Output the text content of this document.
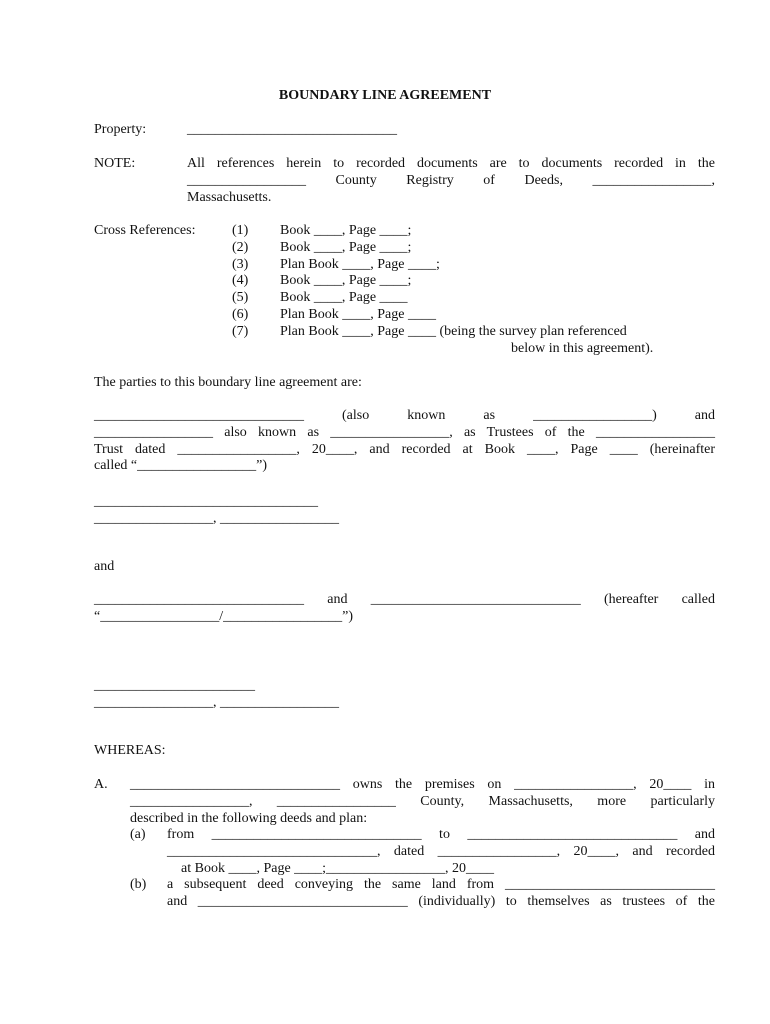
BOUNDARY LINE AGREEMENT
Property:	______________________________
NOTE:	All references herein to recorded documents are to documents recorded in the
_________________ County Registry of Deeds, _________________,
Massachusetts.
Cross References:	(1) Book ____, Page ____;
(2) Book ____, Page ____;
(3) Plan Book ____, Page ____;
(4) Book ____, Page ____;
(5) Book ____, Page ____
(6) Plan Book ____, Page ____
(7) Plan Book ____, Page ____ (being the survey plan referenced
below in this agreement).
The parties to this boundary line agreement are:
______________________________ (also known as _________________) and
_________________ also known as _________________, as Trustees of the _________________
Trust dated _________________, 20____, and recorded at Book ____, Page ____ (hereinafter
called “_________________”)
________________________________
_________________, _________________
and
______________________________ and ______________________________ (hereafter called
“_________________/_________________”)
_______________________
_________________, _________________
WHEREAS:
A. ______________________________ owns the premises on _________________, 20____ in
_________________, _________________ County, Massachusetts, more particularly
described in the following deeds and plan:
(a) from ______________________________ to ______________________________ and
______________________________, dated _________________, 20____, and recorded
at Book ____, Page ____;_________________, 20____
(b) a subsequent deed conveying the same land from ______________________________
and ______________________________ (individually) to themselves as trustees of the
